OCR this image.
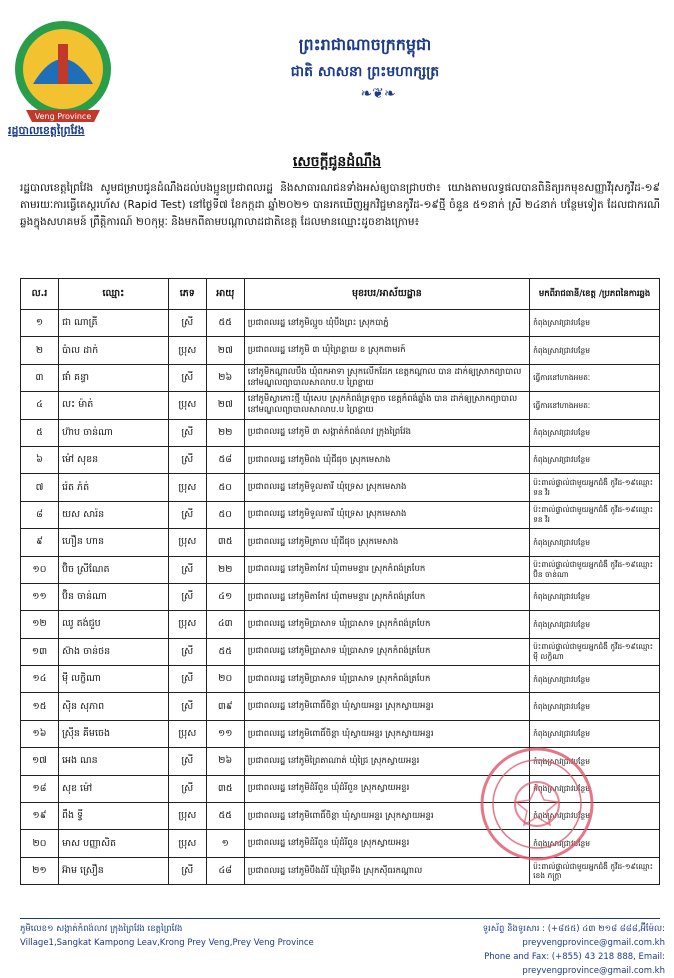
Veng Province
រដ្ឋបាលខេត្តព្រៃវែង
ព្រះរាជាណាចក្រកម្ពុជា
ជាតិ សាសនា ព្រះមហាក្សត្រ
❧❦❧
សេចក្តីជូនដំណឹង
រដ្ឋបាលខេត្តព្រៃវែង សូមជម្រាបជូនដំណឹងដល់បងប្អូនប្រជាពលរដ្ឋ និងសាធារណជនទាំងអស់ឲ្យបានជ្រាបថា៖ យោងតាមលទ្ធផលបានពិនិត្យរកមុខសញ្ញាវីរុសកូវីដ-១៩ តាមរយៈការធ្វើតេស្តរហ័ស (Rapid Test) នៅថ្ងៃទី៧ ខែកក្កដា ឆ្នាំ២០២១ បានរកឃើញអ្នកវិជ្ជមានកូវីដ-១៩ថ្មី ចំនួន ៥១នាក់ ស្រី ២៤នាក់ បន្ថែមទៀត ដែលជាករណីឆ្លងក្នុងសហគមន៍ ព្រឹត្តិការណ៍ ២០កុម្ភៈ និងមកពីតាមបណ្តាលាដជាតិខេត្ត ដែលមានឈ្មោះដូចខាងក្រោម៖
ល.រ	ឈ្មោះ	ភេទ	អាយុ	មុខរបរ/អាស័យដ្ឋាន	មកពីរាជធានី/ខេត្ត /ប្រភពនៃការឆ្លង
១	ជា ណាត្រី	ស្រី	៥៥	ប្រជាពលរដ្ឋ នៅភូមិល្អួច ឃុំបឹងព្រះ ស្រុកបាភ្នំ	កំពុងស្រាវជ្រាវបន្ថែម
២	ប៉ាល ដាក់	ប្រុស	២៧	ប្រជាពលរដ្ឋ នៅភូមិ ៣ ឃុំព្រៃខ្លាយ ខ ស្រុកពាមរក៍	កំពុងស្រាវជ្រាវបន្ថែម
៣	ផាំ គន្ធា	ស្រី	២៦	នៅភូមិកណ្តាលបឹង ឃុំពកអាទា ស្រុកលើកដែក ខេត្តកណ្តាល បាន ដាក់ឲ្យស្រាកព្យាបាលនៅមណ្ឌលព្យាបាលសាលាប.ប ព្រៃខ្លាយ	ធ្វើការនៅហាងអមតៈ
៤	លះ ម៉ាត់	ប្រុស	២៧	នៅភូមិស្វាកោះថ្មី ឃុំសេប ស្រុកកំពង់ត្រឡាច ខេត្តកំពង់ឆ្នាំង បាន ដាក់ឲ្យស្រាកព្យាបាលនៅមណ្ឌលព្យាបាលសាលាប.ប ព្រៃខ្លាយ	ធ្វើការនៅហាងអមតៈ
៥	ហ៊ាប ចាន់ណា	ស្រី	២២	ប្រជាពលរដ្ឋ នៅភូមិ ៣ សង្កាត់កំពង់លាវ ក្រុងព្រៃវែង	កំពុងស្រាវជ្រាវបន្ថែម
៦	ម៉ៅ សុខន	ស្រី	៥៨	ប្រជាពលរដ្ឋ នៅភូមិពង ឃុំជីផុច ស្រុកមេសាង	កំពុងស្រាវជ្រាវបន្ថែម
៧	រ៉េត ភ៉ត់	ប្រុស	៥០	ប្រជាពលរដ្ឋ នៅភូមិទួលតារី ឃុំទ្រេស ស្រុកមេសាង	ប៉ះពាល់ផ្ទាល់ជាមួយអ្នកជំងឺ កូវីដ-១៩ឈ្មោះ ទន វិរ
៨	យស សារ៉ន	ស្រី	៥០	ប្រជាពលរដ្ឋ នៅភូមិទួលតារី ឃុំទ្រេស ស្រុកមេសាង	ប៉ះពាល់ផ្ទាល់ជាមួយអ្នកជំងឺ កូវីដ-១៩ឈ្មោះ ទន វិរ
៩	ហឿន ហាន	ប្រុស	៣៥	ប្រជាពលរដ្ឋ នៅភូមិត្រាល ឃុំជីផុច ស្រុកមេសាង	កំពុងស្រាវជ្រាវបន្ថែម
១០	ប៊ិច ស្រីណែត	ស្រី	២២	ប្រជាពលរដ្ឋ នៅភូមិតាកែវ ឃុំពាមមន្ទារ ស្រុកកំពង់ត្របែក	ប៉ះពាល់ផ្ទាល់ជាមួយអ្នកជំងឺ កូវីដ-១៩ឈ្មោះ ប៊ិន ចាន់ណា
១១	ប៊ិន ចាន់ណា	ស្រី	៤១	ប្រជាពលរដ្ឋ នៅភូមិតាកែវ ឃុំពាមមន្ទារ ស្រុកកំពង់ត្របែក	កំពុងស្រាវជ្រាវបន្ថែម
១២	ឈូ តង់ជួប	ប្រុស	៤៣	ប្រជាពលរដ្ឋ នៅភូមិប្រាសាទ ឃុំប្រាសាទ ស្រុកកំពង់ត្របែក	កំពុងស្រាវជ្រាវបន្ថែម
១៣	ស៊ាង ចាន់ថន	ស្រី	៥៥	ប្រជាពលរដ្ឋ នៅភូមិប្រាសាទ ឃុំប្រាសាទ ស្រុកកំពង់ត្របែក	ប៉ះពាល់ផ្ទាល់ជាមួយអ្នកជំងឺ កូវីដ-១៩ឈ្មោះ ម៉ី លក្ខិណា
១៤	ម៉ី លក្ខិណា	ស្រី	២០	ប្រជាពលរដ្ឋ នៅភូមិប្រាសាទ ឃុំប្រាសាទ ស្រុកកំពង់ត្របែក	កំពុងស្រាវជ្រាវបន្ថែម
១៥	ស៊ិន សុភាព	ស្រី	៣៩	ប្រជាពលរដ្ឋ នៅភូមិពោធិ៍ចិន្តា ឃុំស្វាយអន្ទរ ស្រុកស្វាយអន្ទរ	កំពុងស្រាវជ្រាវបន្ថែម
១៦	ស្រ៊ីន គីមចេង	ប្រុស	១១	ប្រជាពលរដ្ឋ នៅភូមិពោធិ៍ចិន្តា ឃុំស្វាយអន្ទរ ស្រុកស្វាយអន្ទរ	កំពុងស្រាវជ្រាវបន្ថែម
១៧	អេង ណន	ស្រី	២៦	ប្រជាពលរដ្ឋ នៅភូមិព្រៃតាណាត់ ឃុំជ្រៃ ស្រុកស្វាយអន្ទរ	កំពុងស្រាវជ្រាវបន្ថែម
១៨	សុខ ម៉ៅ	ស្រី	៣៥	ប្រជាពលរដ្ឋ នៅភូមិដំរីពួន ឃុំដំរីពួន ស្រុកស្វាយអន្ទរ	កំពុងស្រាវជ្រាវបន្ថែម
១៩	ពឹង ទ្វី	ប្រុស	៥៥	ប្រជាពលរដ្ឋ នៅភូមិពោធិ៍ចិន្តា ឃុំស្វាយអន្ទរ ស្រុកស្វាយអន្ទរ	កំពុងស្រាវជ្រាវបន្ថែម
២០	មាស បញ្ញាសិត	ប្រុស	១	ប្រជាពលរដ្ឋ នៅភូមិដំរីពួន ឃុំដំរីពួន ស្រុកស្វាយអន្ទរ	កំពុងស្រាវជ្រាវបន្ថែម
២១	អ៊ាម ស្រឿន	ស្រី	៤៨	ប្រជាពលរដ្ឋ នៅភូមិបឹងដំរី ឃុំព្រៃទឹង ស្រុកស៊ីធរកណ្តាល	ប៉ះពាល់ផ្ទាល់ជាមួយអ្នកជំងឺ កូវីដ-១៩ឈ្មោះ ខេង ភក្ត្រា
ភូមិលេខ១ សង្កាត់កំពង់លាវ ក្រុងព្រៃវែង ខេត្តព្រៃវែង
Village1,Sangkat Kampong Leav,Krong Prey Veng,Prey Veng Province
ទូរស័ព្ទ និងទូរសារ : (+៨៥៥) ៤៣ ២១៨ ៨៨៨,អ៊ីម៉ែល: preyvengprovince@gmail.com.kh
Phone and Fax: (+855) 43 218 888, Email: preyvengprovince@gmail.com.kh
